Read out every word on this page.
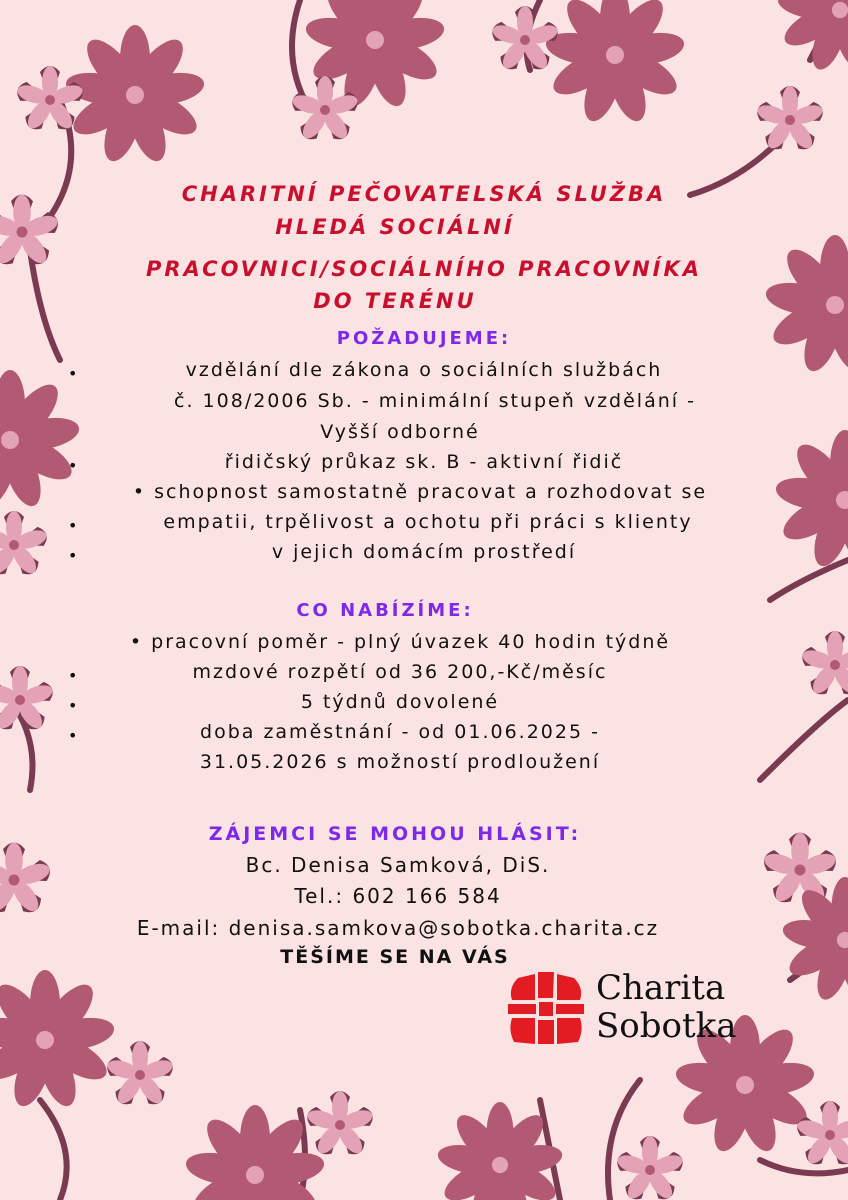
CHARITNÍ PEČOVATELSKÁ SLUŽBA
HLEDÁ SOCIÁLNÍ
PRACOVNICI/SOCIÁLNÍHO PRACOVNÍKA
DO TERÉNU
POŽADUJEME:
•	vzdělání dle zákona o sociálních službách
č. 108/2006 Sb. - minimální stupeň vzdělání -
Vyšší odborné
•	řidičský průkaz sk. B - aktivní řidič
• schopnost samostatně pracovat a rozhodovat se
•	empatii, trpělivost a ochotu při práci s klienty
•	v jejich domácím prostředí
CO NABÍZÍME:
• pracovní poměr - plný úvazek 40 hodin týdně
•	mzdové rozpětí od 36 200,-Kč/měsíc
•	5 týdnů dovolené
•	doba zaměstnání - od 01.06.2025 -
31.05.2026 s možností prodloužení
ZÁJEMCI SE MOHOU HLÁSIT:
Bc. Denisa Samková, DiS.
Tel.: 602 166 584
E-mail: denisa.samkova@sobotka.charita.cz
TĚŠÍME SE NA VÁS
Charita
Sobotka
